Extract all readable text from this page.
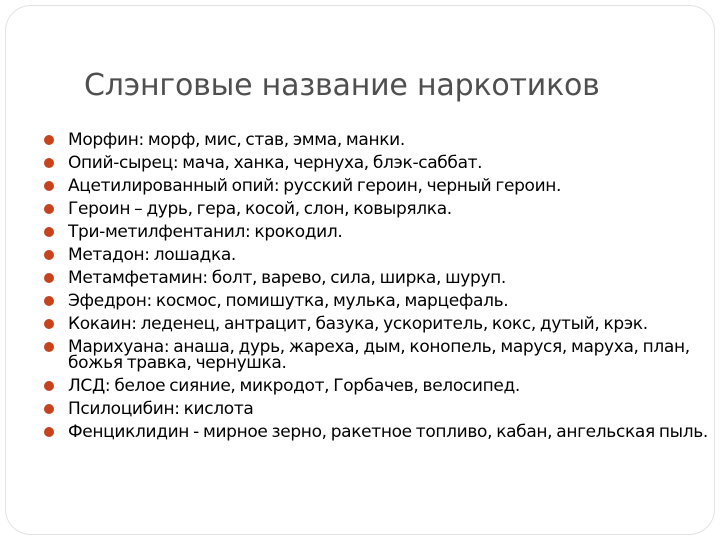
Слэнговые название наркотиков
Морфин: морф, мис, став, эмма, манки.
Опий-сырец: мача, ханка, чернуха, блэк-саббат.
Ацетилированный опий: русский героин, черный героин.
Героин – дурь, гера, косой, слон, ковырялка.
Три-метилфентанил: крокодил.
Метадон: лошадка.
Метамфетамин: болт, варево, сила, ширка, шуруп.
Эфедрон: космос, помишутка, мулька, марцефаль.
Кокаин: леденец, антрацит, базука, ускоритель, кокс, дутый, крэк.
Марихуана: анаша, дурь, жареха, дым, конопель, маруся, маруха, план, божья травка, чернушка.
ЛСД: белое сияние, микродот, Горбачев, велосипед.
Псилоцибин: кислота
Фенциклидин - мирное зерно, ракетное топливо, кабан, ангельская пыль.
